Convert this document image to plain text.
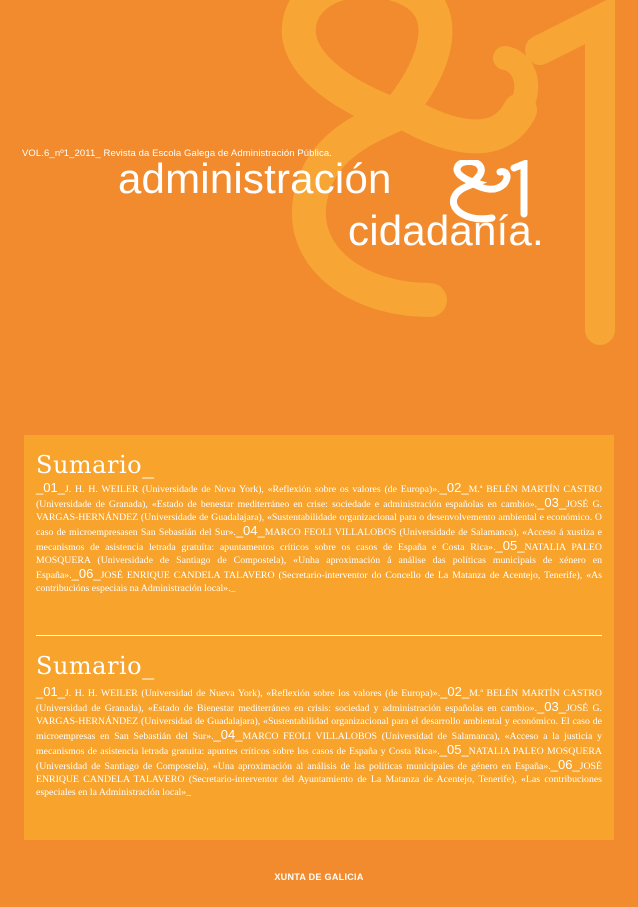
VOL.6_nº1_2011_ Revista da Escola Galega de Administración Pública.
administración
cidadanía.
Sumario_
_01_J. H. H. WEILER (Universidade de Nova York), «Reflexión sobre os valores (de Europa)»._02_M.ª BELÉN MARTÍN CASTRO (Universidade de Granada), «Estado de benestar mediterráneo en crise: sociedade e administración españolas en cambio»._03_JOSÉ G. VARGAS-HERNÁNDEZ (Universidade de Guadalajara), «Sustentabilidade organizacional para o desenvolvemento ambiental e económico. O caso de microempresasen San Sebastián del Sur»._04_MARCO FEOLI VILLALOBOS (Universidade de Salamanca), «Acceso á xustiza e mecanismos de asistencia letrada gratuíta: apuntamentos críticos sobre os casos de España e Costa Rica»._05_NATALIA PALEO MOSQUERA (Universidade de Santiago de Compostela), «Unha aproximación á análise das políticas municipais de xénero en España»._06_JOSÉ ENRIQUE CANDELA TALAVERO (Secretario-interventor do Concello de La Matanza de Acentejo, Tenerife), «As contribucións especiais na Administración local»._
Sumario_
_01_J. H. H. WEILER (Universidad de Nueva York), «Reflexión sobre los valores (de Europa)»._02_M.ª BELÉN MARTÍN CASTRO (Universidad de Granada), «Estado de Bienestar mediterráneo en crisis: sociedad y administración españolas en cambio»._03_JOSÉ G. VARGAS-HERNÁNDEZ (Universidad de Guadalajara), «Sustentabilidad organizacional para el desarrollo ambiental y económico. El caso de microempresas en San Sebastián del Sur»._04_MARCO FEOLI VILLALOBOS (Universidad de Salamanca), «Acceso a la justicia y mecanismos de asistencia letrada gratuita: apuntes críticos sobre los casos de España y Costa Rica»._05_NATALIA PALEO MOSQUERA (Universidad de Santiago de Compostela), «Una aproximación al análisis de las políticas municipales de género en España»._06_JOSÉ ENRIQUE CANDELA TALAVERO (Secretario-interventor del Ayuntamiento de La Matanza de Acentejo, Tenerife), «Las contribuciones especiales en la Administración local»_
XUNTA DE GALICIA
